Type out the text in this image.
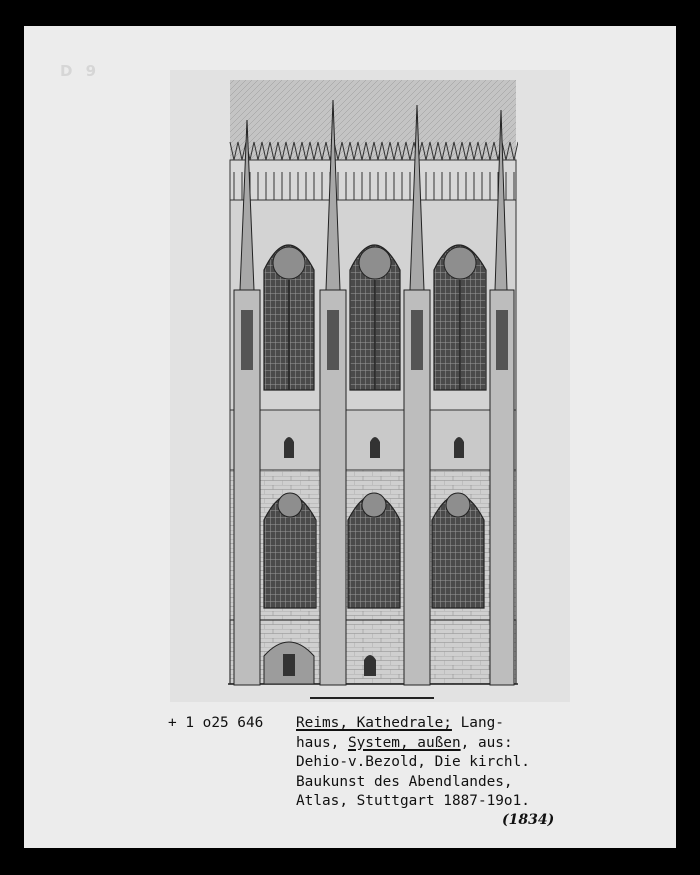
D 9
+ 1 o25 646 Reims, Kathedrale; Lang-
haus, System, außen, aus:
Dehio-v.Bezold, Die kirchl.
Baukunst des Abendlandes,
Atlas, Stuttgart 1887-19o1.
(1834)
